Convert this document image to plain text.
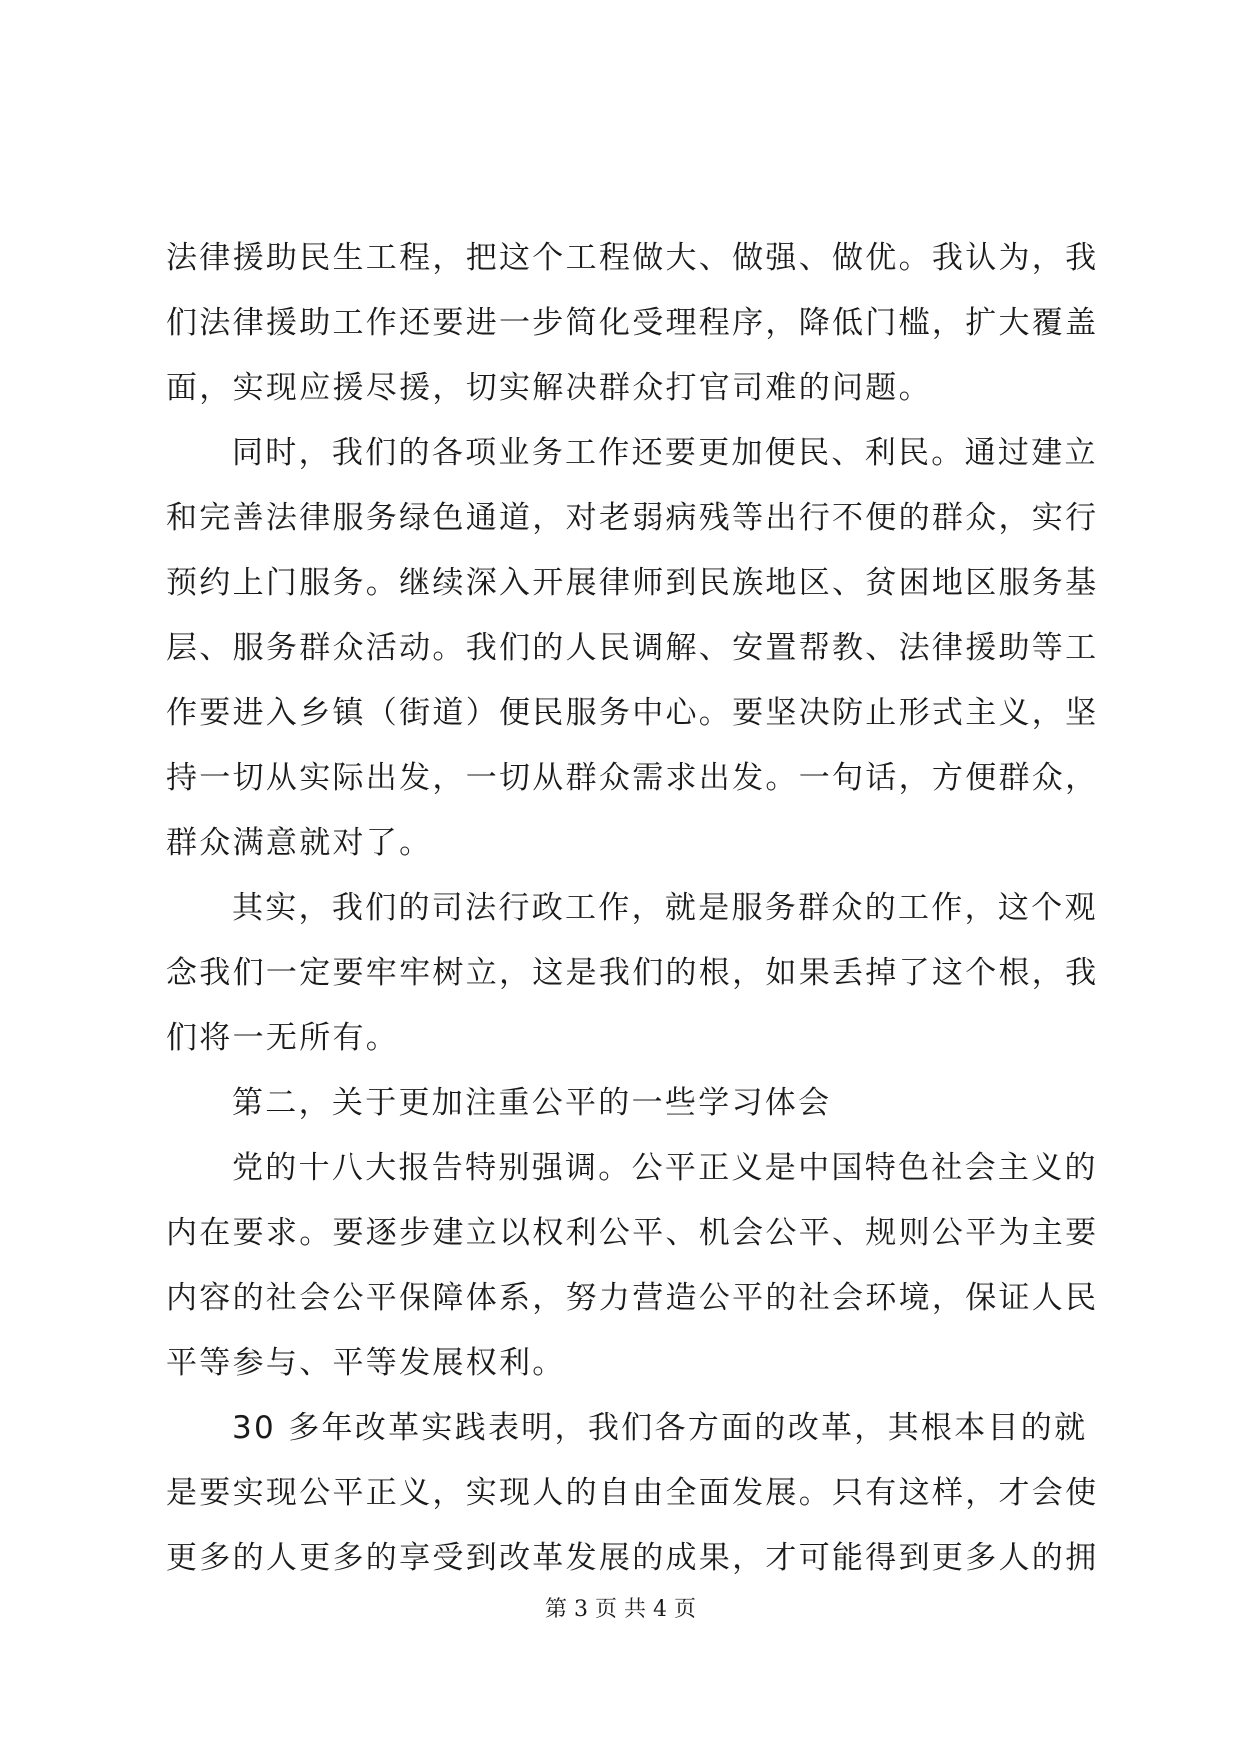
法律援助民生工程，把这个工程做大、做强、做优。我认为，我
们法律援助工作还要进一步简化受理程序，降低门槛，扩大覆盖
面，实现应援尽援，切实解决群众打官司难的问题。
同时，我们的各项业务工作还要更加便民、利民。通过建立
和完善法律服务绿色通道，对老弱病残等出行不便的群众，实行
预约上门服务。继续深入开展律师到民族地区、贫困地区服务基
层、服务群众活动。我们的人民调解、安置帮教、法律援助等工
作要进入乡镇（街道）便民服务中心。要坚决防止形式主义，坚
持一切从实际出发，一切从群众需求出发。一句话，方便群众，
群众满意就对了。
其实，我们的司法行政工作，就是服务群众的工作，这个观
念我们一定要牢牢树立，这是我们的根，如果丢掉了这个根，我
们将一无所有。
第二，关于更加注重公平的一些学习体会
党的十八大报告特别强调。公平正义是中国特色社会主义的
内在要求。要逐步建立以权利公平、机会公平、规则公平为主要
内容的社会公平保障体系，努力营造公平的社会环境，保证人民
平等参与、平等发展权利。
30 多年改革实践表明，我们各方面的改革，其根本目的就
是要实现公平正义，实现人的自由全面发展。只有这样，才会使
更多的人更多的享受到改革发展的成果，才可能得到更多人的拥
第 3 页 共 4 页
